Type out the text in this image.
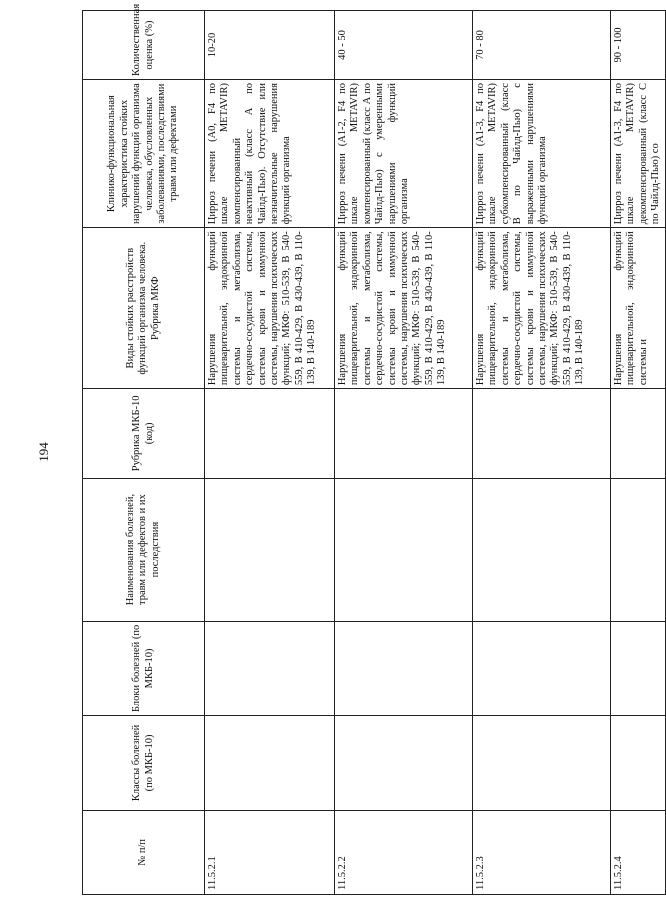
194
№ п/п	Классы болезней (по МКБ-10)	Блоки болезней (по МКБ-10)	Наименования болезней, травм или дефектов и их последствия	Рубрика МКБ-10 (код)	Виды стойких расстройств функций организма человека. Рубрика МКФ	Клинико-функциональная характеристика стойких нарушений функций организма человека, обусловленных заболеваниями, последствиями травм или дефектами	Количественная оценка (%)
11.5.2.1					Нарушения функций пищеварительной, эндокринной системы и метаболизма, сердечно-сосудистой системы, системы крови и иммунной системы, нарушения психических функций; МКФ: 510-539, B 540-559, B 410-429, B 430-439, B 110-139, B 140-189	Цирроз печени (А0, F4 по шкале METAVIR) компенсированный неактивный (класс А по Чайлд-Пью). Отсутствие или незначительные нарушения функций организма	10-20
11.5.2.2					Нарушения функций пищеварительной, эндокринной системы и метаболизма, сердечно-сосудистой системы, системы крови и иммунной системы, нарушения психических функций; МКФ: 510-539, B 540-559, B 410-429, B 430-439, B 110-139, B 140-189	Цирроз печени (А1-2, F4 по шкале METAVIR) компенсированный (класс А по Чайлд-Пью) с умеренными нарушениями функций организма	40 - 50
11.5.2.3					Нарушения функций пищеварительной, эндокринной системы и метаболизма, сердечно-сосудистой системы, системы крови и иммунной системы, нарушения психических функций; МКФ: 510-539, B 540-559, B 410-429, B 430-439, B 110-139, B 140-189	Цирроз печени (А1-3, F4 по шкале METAVIR) субкомпенсированный (класс В по Чайлд-Пью) с выраженными нарушениями функций организма	70 - 80
11.5.2.4					Нарушения функций пищеварительной, эндокринной системы и	Цирроз печени (А1-3, F4 по шкале METAVIR) декомпенсированный (класс С по Чайлд-Пью) со	90 - 100
